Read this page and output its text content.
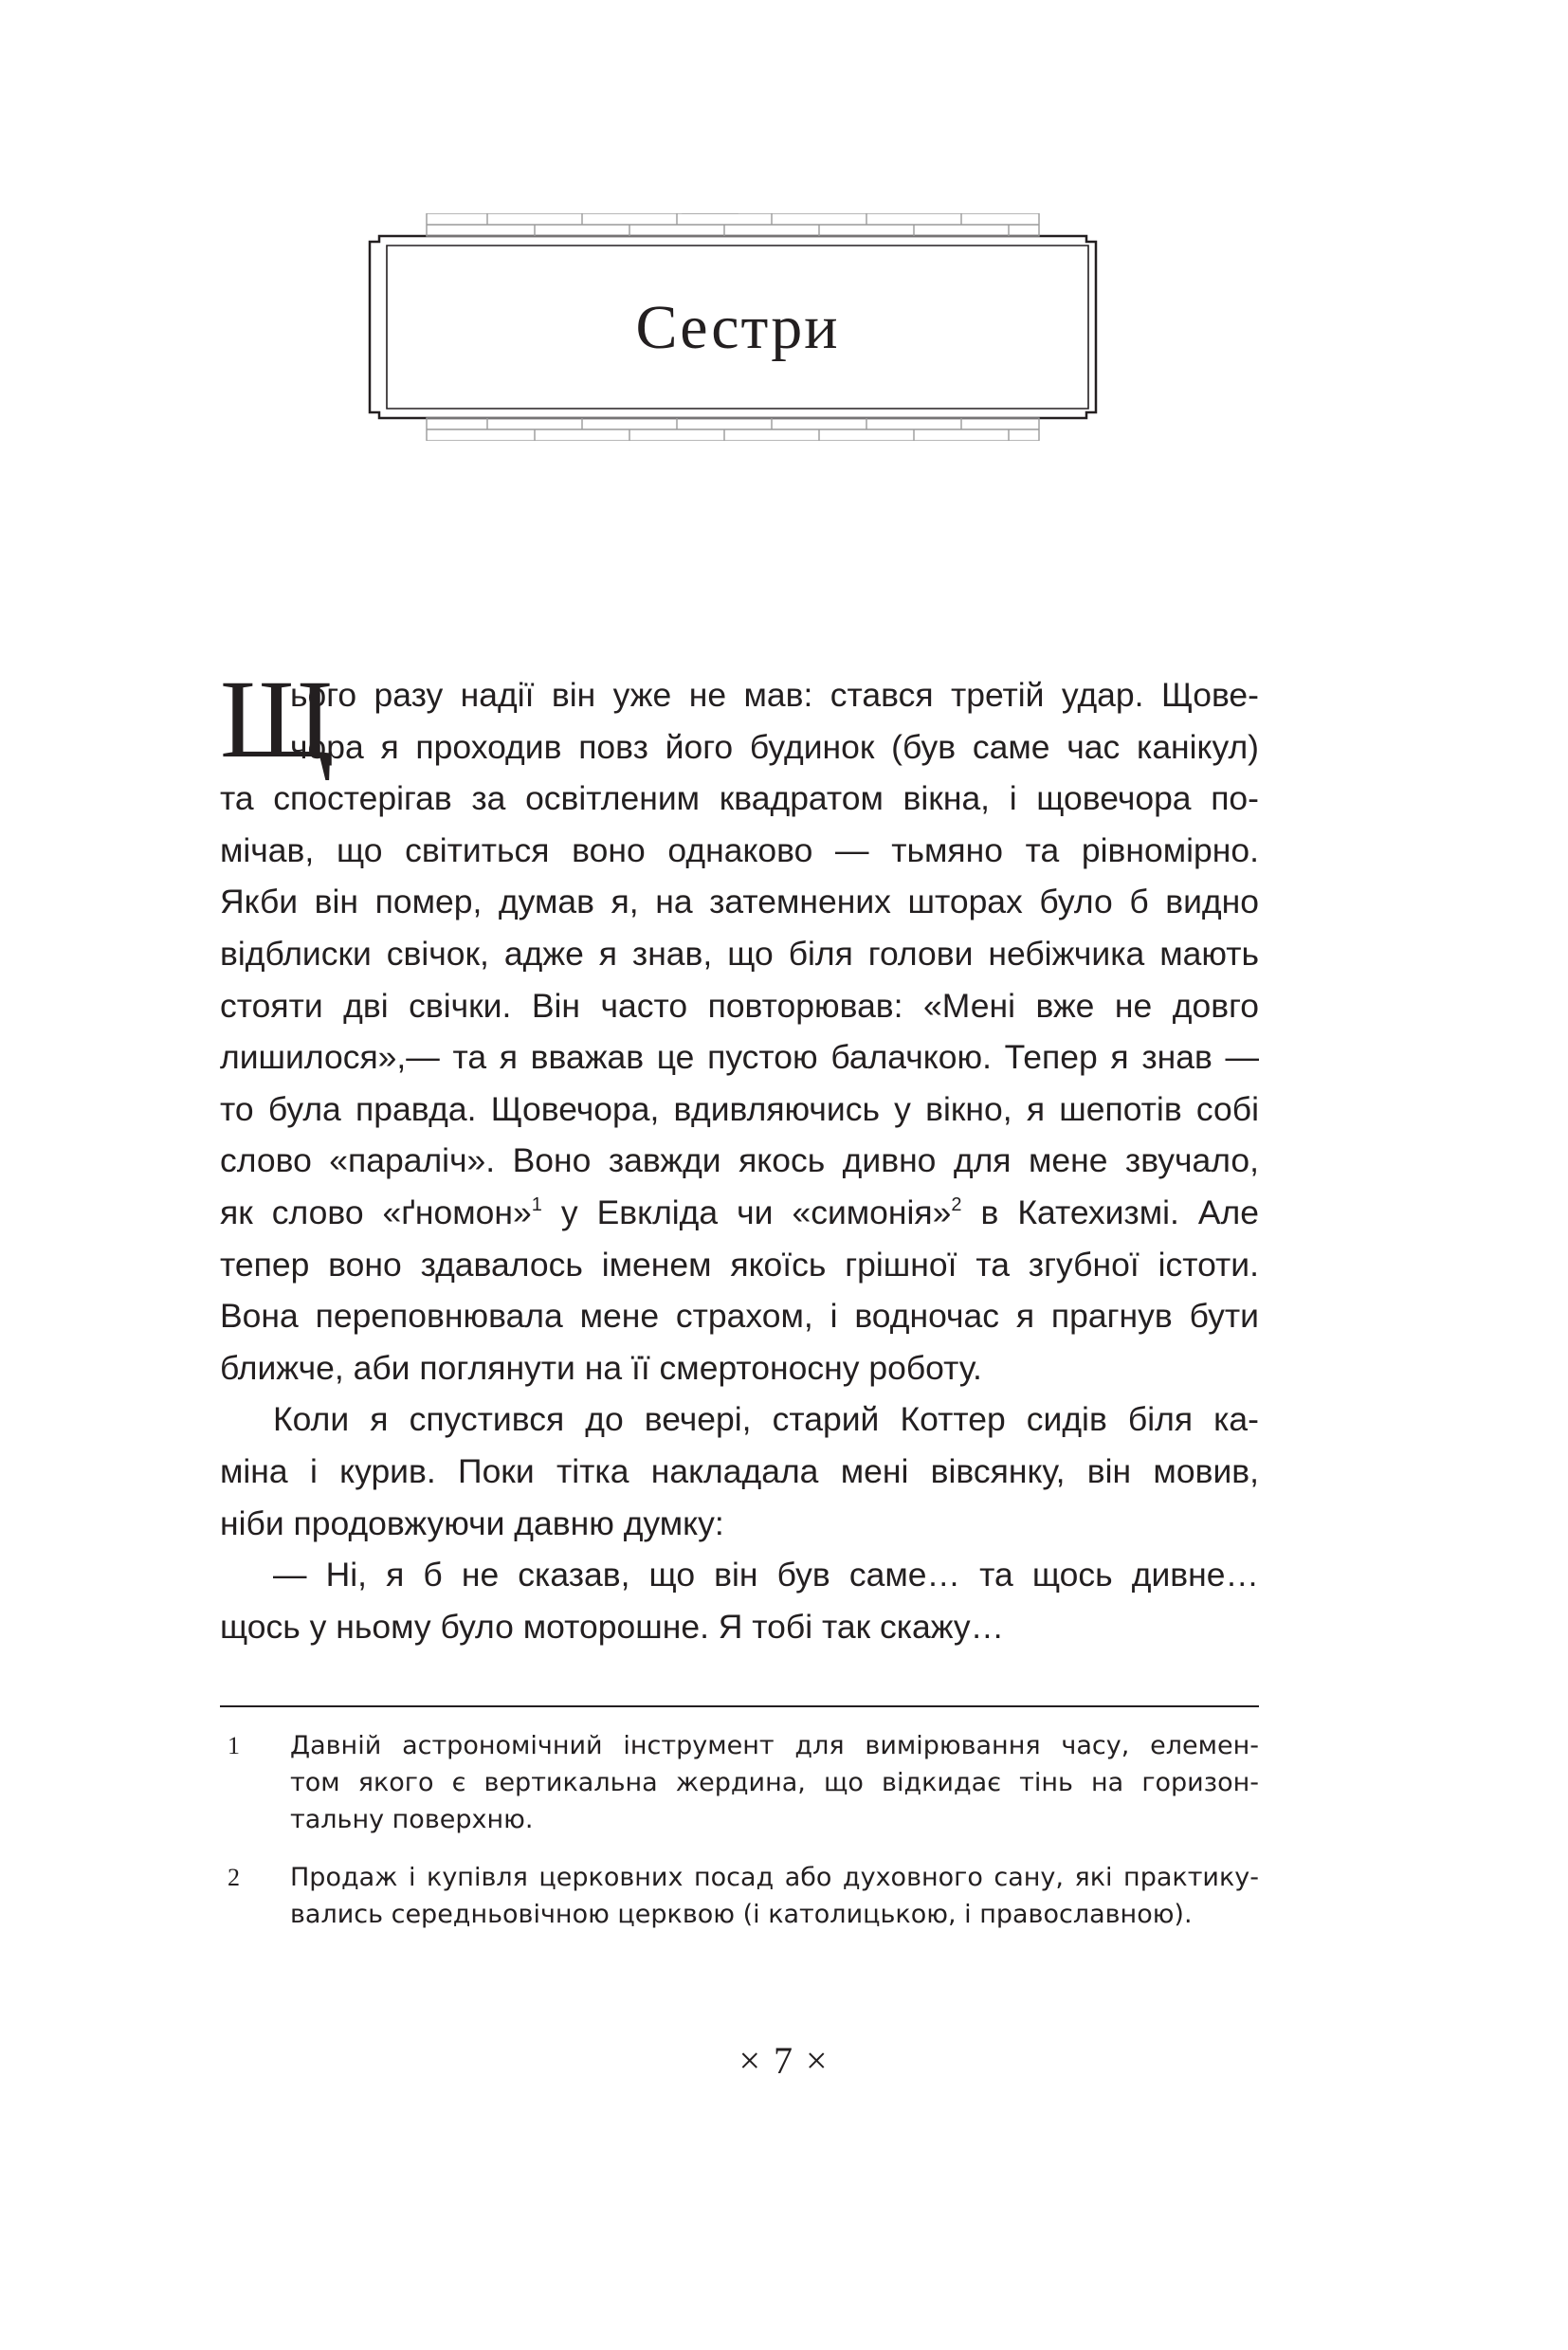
Сестри
Щ
ього разу надії він уже не мав: стався третій удар. Щове-
чора я проходив повз його будинок (був саме час канікул)
та спостерігав за освітленим квадратом вікна, і щовечора по-
мічав, що світиться воно однаково — тьмяно та рівномірно.
Якби він помер, думав я, на затемнених шторах було б видно
відблиски свічок, адже я знав, що біля голови небіжчика мають
стояти дві свічки. Він часто повторював: «Мені вже не довго
лишилося»,— та я вважав це пустою балачкою. Тепер я знав —
то була правда. Щовечора, вдивляючись у вікно, я шепотів собі
слово «параліч». Воно завжди якось дивно для мене звучало,
як слово «ґномон»$^1$ у Евкліда чи «симонія»$^2$ в Катехизмі. Але
тепер воно здавалось іменем якоїсь грішної та згубної істоти.
Вона переповнювала мене страхом, і водночас я прагнув бути
ближче, аби поглянути на її смертоносну роботу.
Коли я спустився до вечері, старий Коттер сидів біля ка-
міна і курив. Поки тітка накладала мені вівсянку, він мовив,
ніби продовжуючи давню думку:
— Ні, я б не сказав, що він був саме… та щось дивне…
щось у ньому було моторошне. Я тобі так скажу…
1 Давній астрономічний інструмент для вимірювання часу, елемен-
том якого є вертикальна жердина, що відкидає тінь на горизон-
тальну поверхню.
2 Продаж і купівля церковних посад або духовного сану, які практику-
вались середньовічною церквою (і католицькою, і православною).
× 7 ×
